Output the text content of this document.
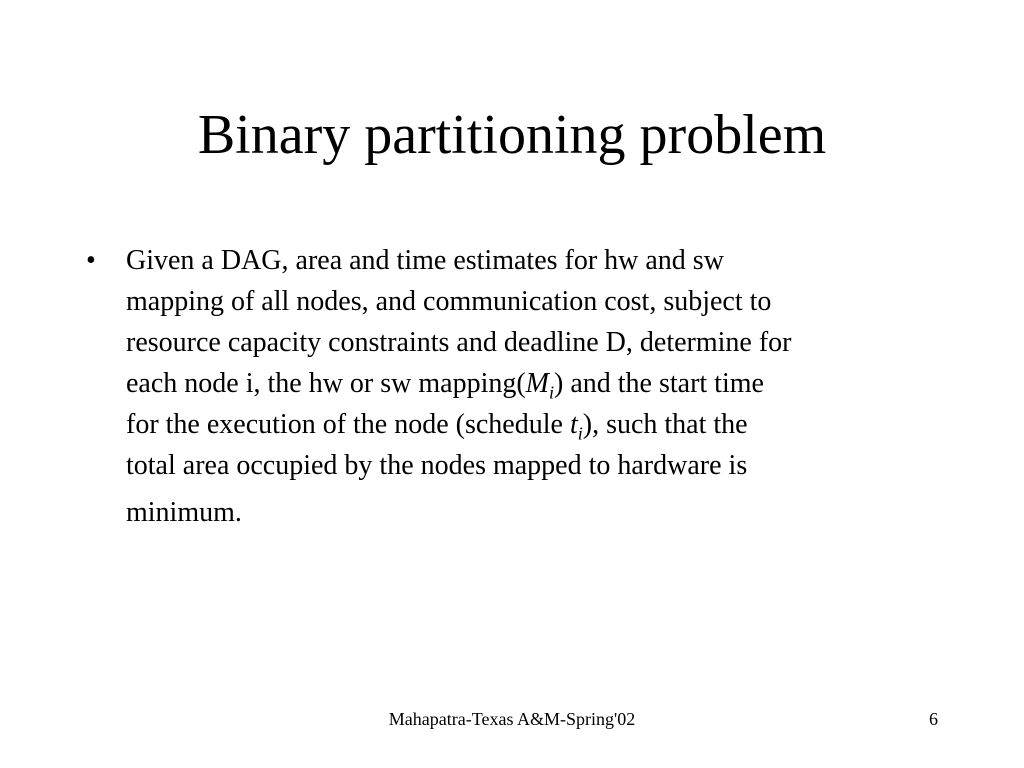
Binary partitioning problem
• Given a DAG, area and time estimates for hw and sw
mapping of all nodes, and communication cost, subject to
resource capacity constraints and deadline D, determine for
each node i, the hw or sw $mapping(M_i)$ and the start time
for the execution of the node (schedule $t_i$), such that the
total area occupied by the nodes mapped to hardware is
minimum.
Mahapatra-Texas A&M-Spring'02	6
